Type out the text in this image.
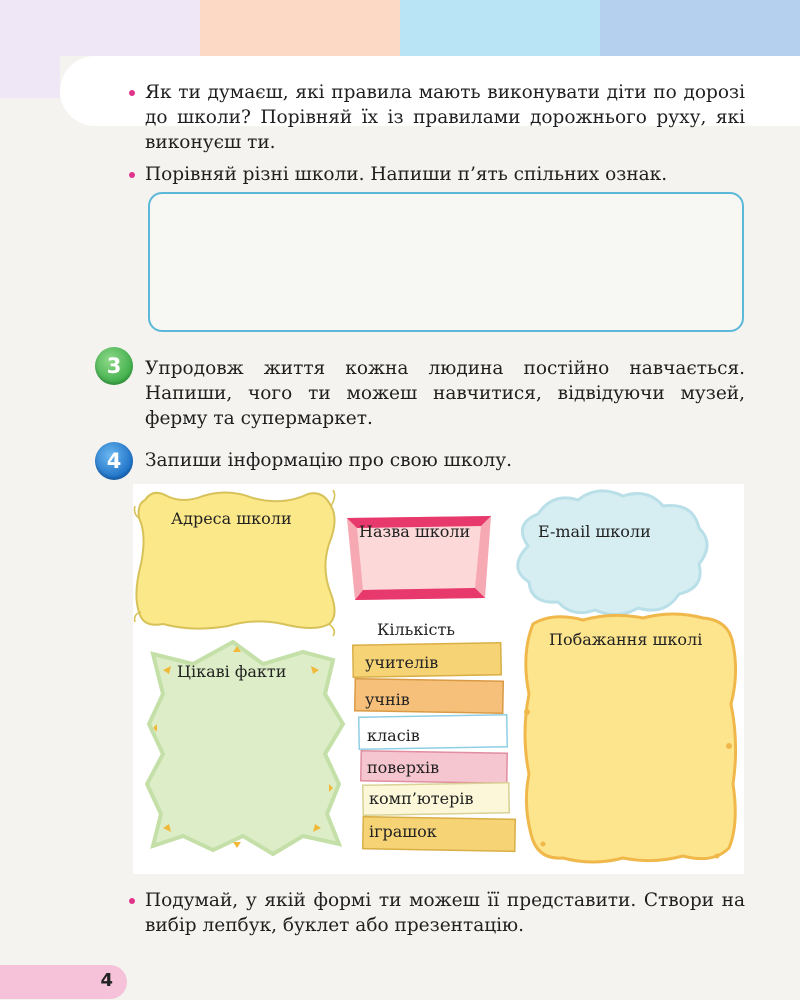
Як ти думаєш, які правила мають виконувати діти по дорозі до школи? Порівняй їх із правилами дорожнього руху, які виконуєш ти.

Порівняй різні школи. Напиши п’ять спільних ознак.

3	Упродовж життя кожна людина постійно навчається. Напиши, чого ти можеш навчитися, відвідуючи музей, ферму та супермаркет.

4	Запиши інформацію про свою школу.

Адреса школи
Назва школи	E-mail школи
Цікаві факти
Побажання школі
Кількість
учителів
учнів
класів
поверхів
комп’ютерів
іграшок

Подумай, у якій формі ти можеш її представити. Створи на вибір лепбук, буклет або презентацію.

4
